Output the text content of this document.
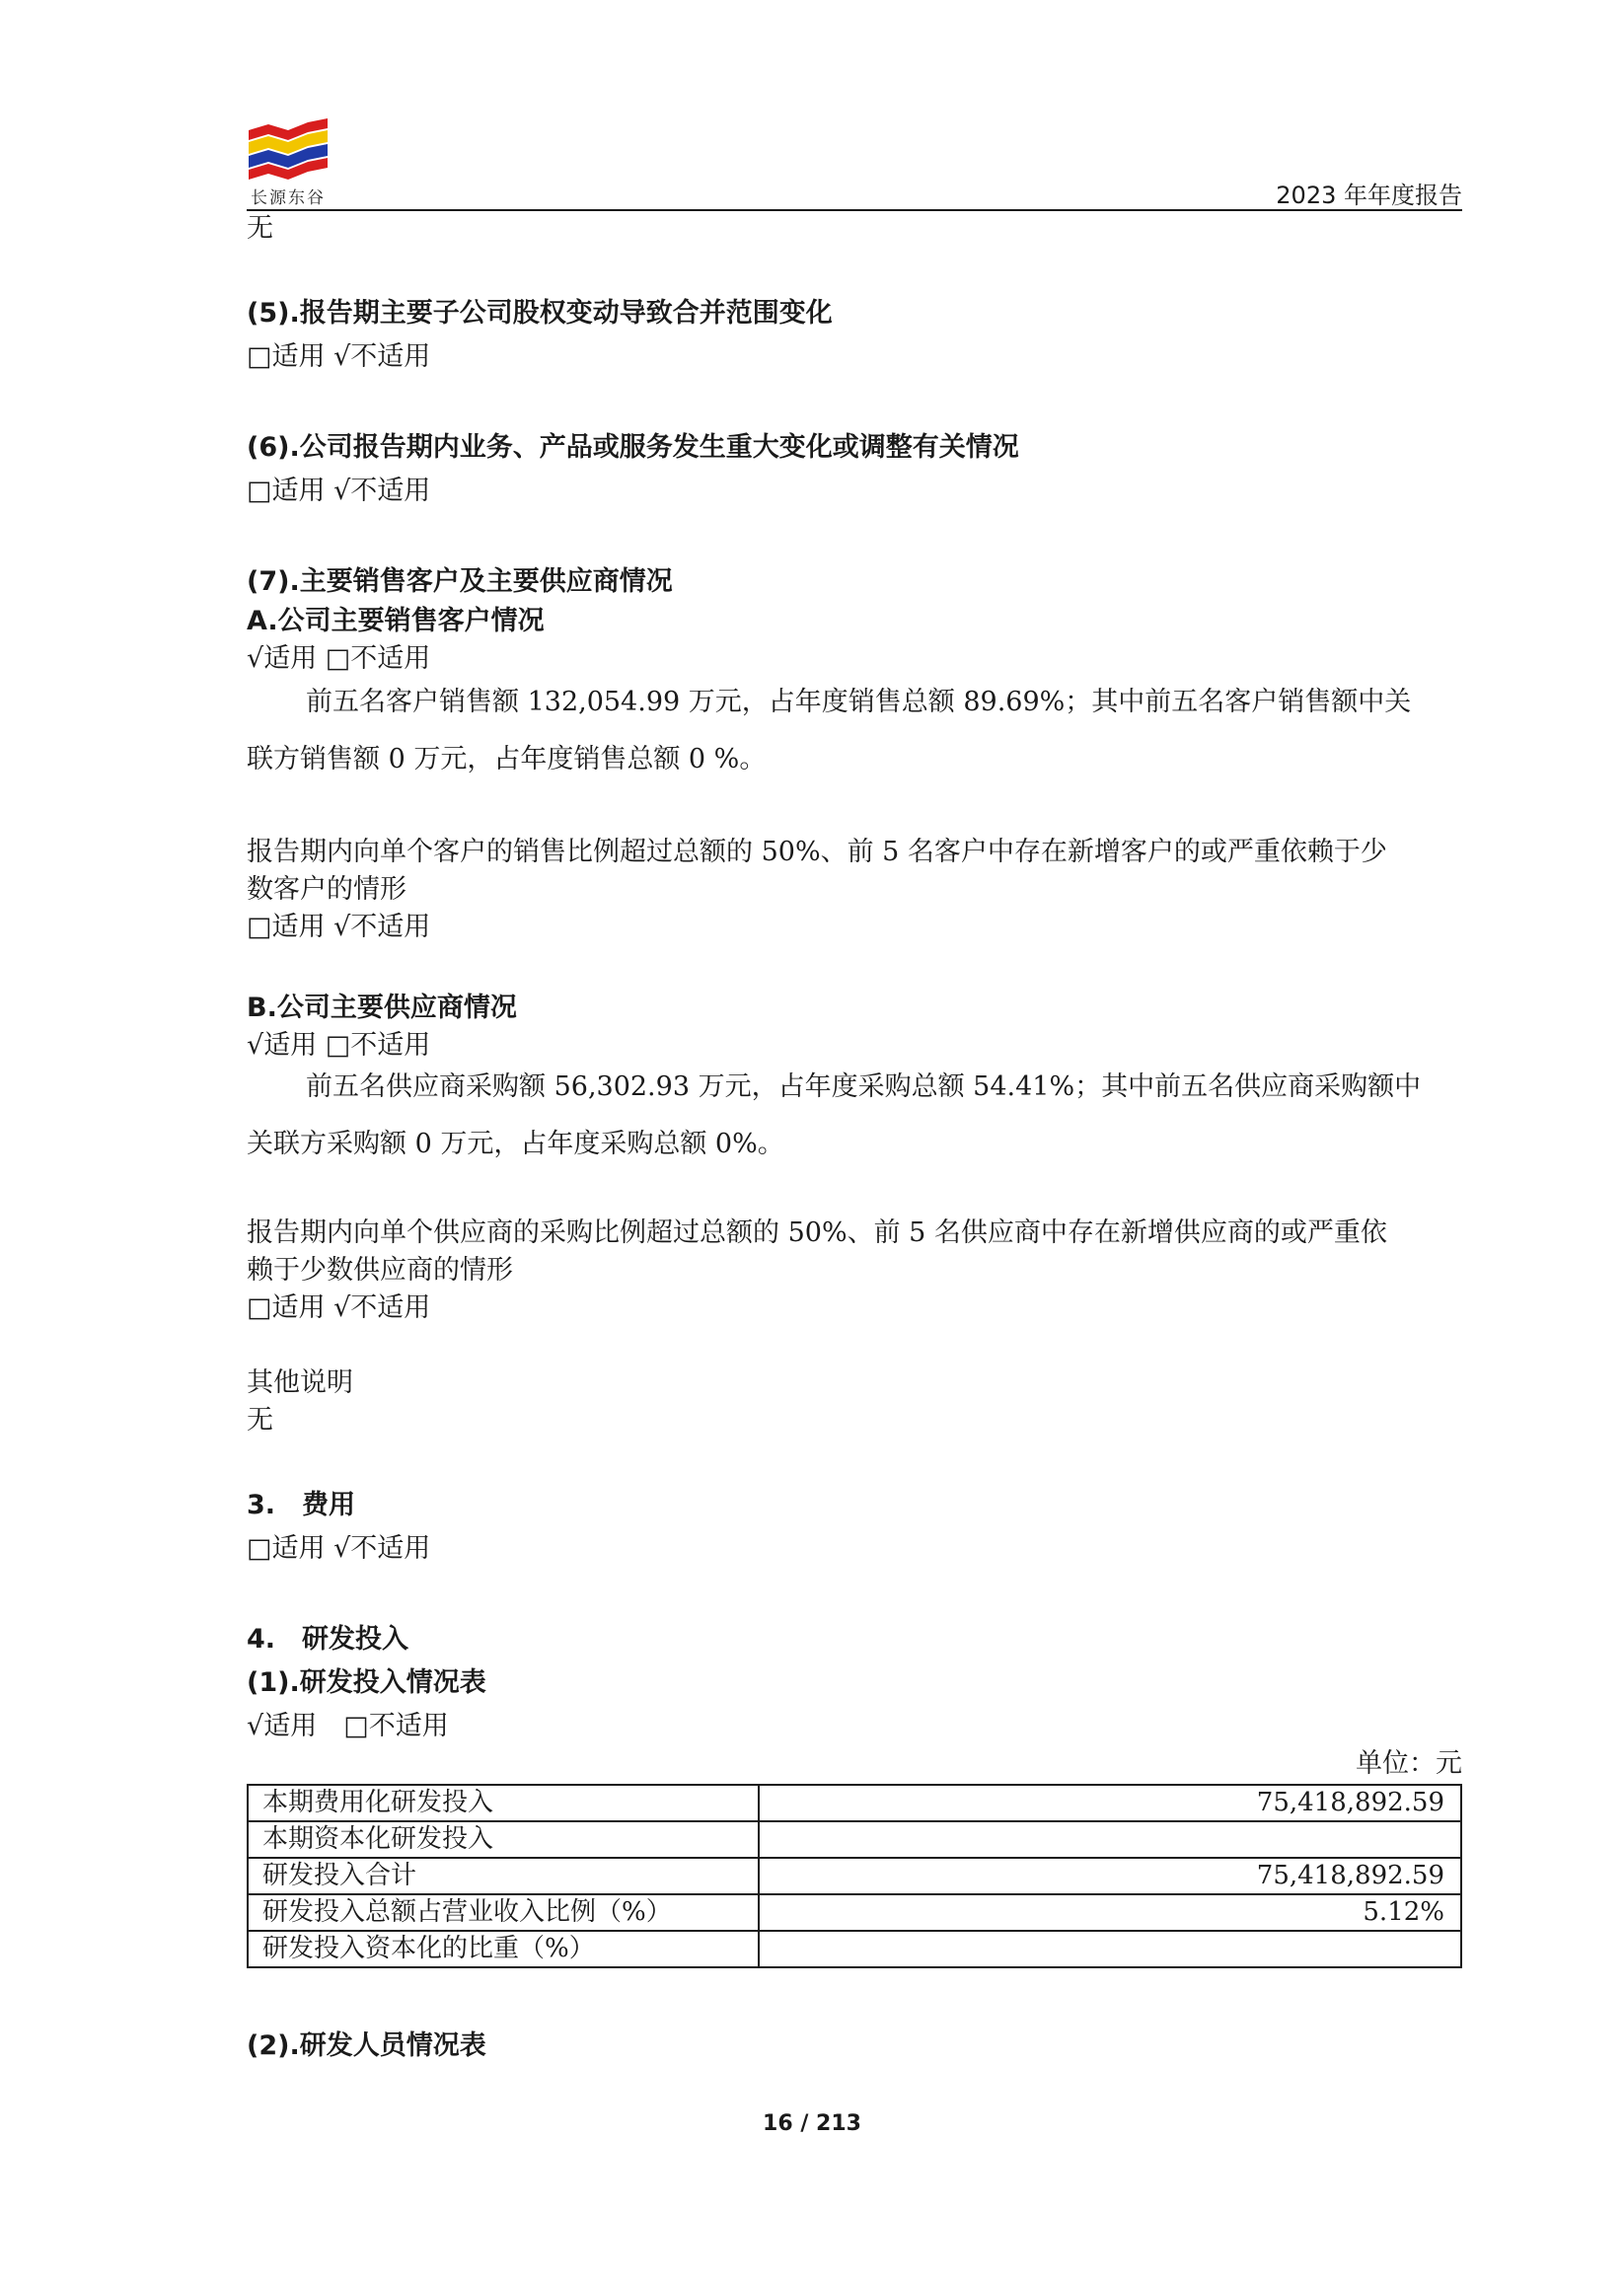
长源东谷	2023 年年度报告
无
(5).报告期主要子公司股权变动导致合并范围变化
□适用 √不适用
(6).公司报告期内业务、产品或服务发生重大变化或调整有关情况
□适用 √不适用
(7).主要销售客户及主要供应商情况
A.公司主要销售客户情况
√适用 □不适用
前五名客户销售额 132,054.99 万元，占年度销售总额 89.69%；其中前五名客户销售额中关
联方销售额 0 万元，占年度销售总额 0 %。
报告期内向单个客户的销售比例超过总额的 50%、前 5 名客户中存在新增客户的或严重依赖于少
数客户的情形
□适用 √不适用
B.公司主要供应商情况
√适用 □不适用
前五名供应商采购额 56,302.93 万元，占年度采购总额 54.41%；其中前五名供应商采购额中
关联方采购额 0 万元，占年度采购总额 0%。
报告期内向单个供应商的采购比例超过总额的 50%、前 5 名供应商中存在新增供应商的或严重依
赖于少数供应商的情形
□适用 √不适用
其他说明
无
3.　费用
□适用 √不适用
4.　研发投入
(1).研发投入情况表
√适用　□不适用
单位：元
本期费用化研发投入	75,418,892.59
本期资本化研发投入	
研发投入合计	75,418,892.59
研发投入总额占营业收入比例（%）	5.12%
研发投入资本化的比重（%）	
(2).研发人员情况表
16 / 213
